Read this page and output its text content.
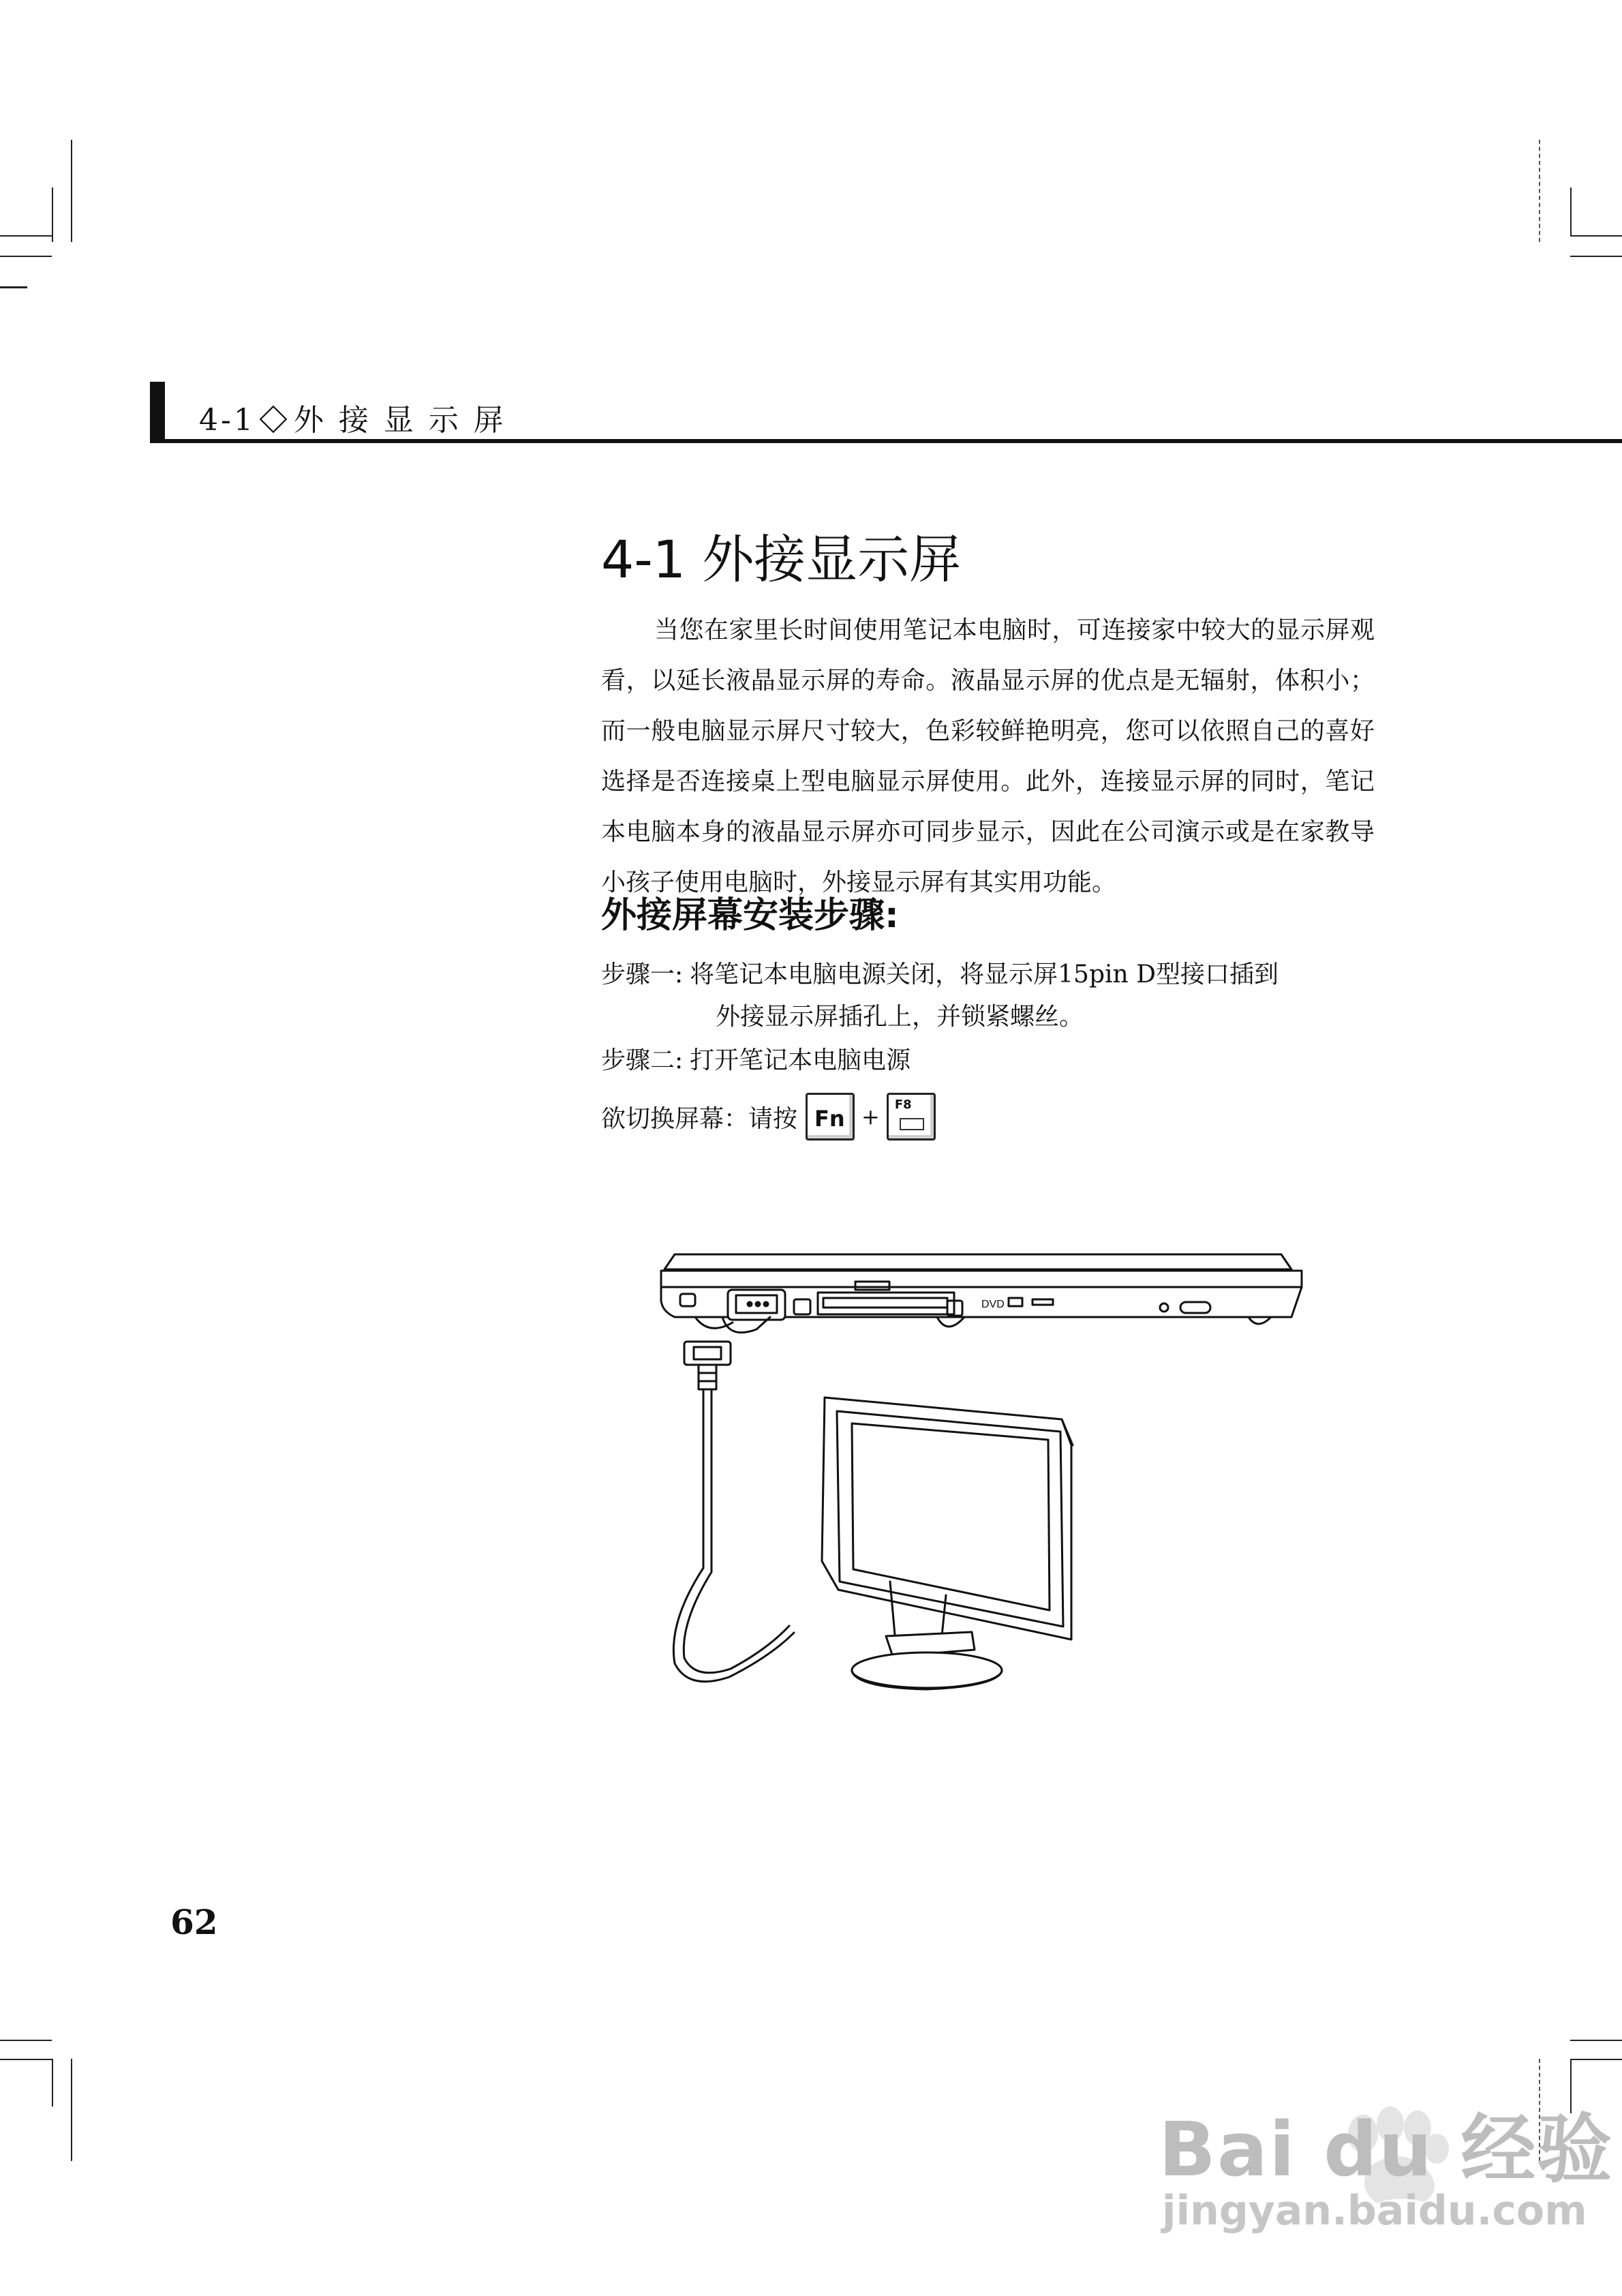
4-1 外 接 显 示 屏
4-1 外接显示屏

当您在家里长时间使用笔记本电脑时，可连接家中较大的显示屏观看，以延长液晶显示屏的寿命。液晶显示屏的优点是无辐射，体积小；而一般电脑显示屏尺寸较大，色彩较鲜艳明亮，您可以依照自己的喜好选择是否连接桌上型电脑显示屏使用。此外，连接显示屏的同时，笔记本电脑本身的液晶显示屏亦可同步显示，因此在公司演示或是在家教导小孩子使用电脑时，外接显示屏有其实用功能。

外接屏幕安装步骤:
步骤一: 将笔记本电脑电源关闭，将显示屏15pin D型接口插到
外接显示屏插孔上，并锁紧螺丝。
步骤二: 打开笔记本电脑电源
欲切换屏幕：请按 Fn + F8
DVD
62
Bai du 经验
jingyan.baidu.com
